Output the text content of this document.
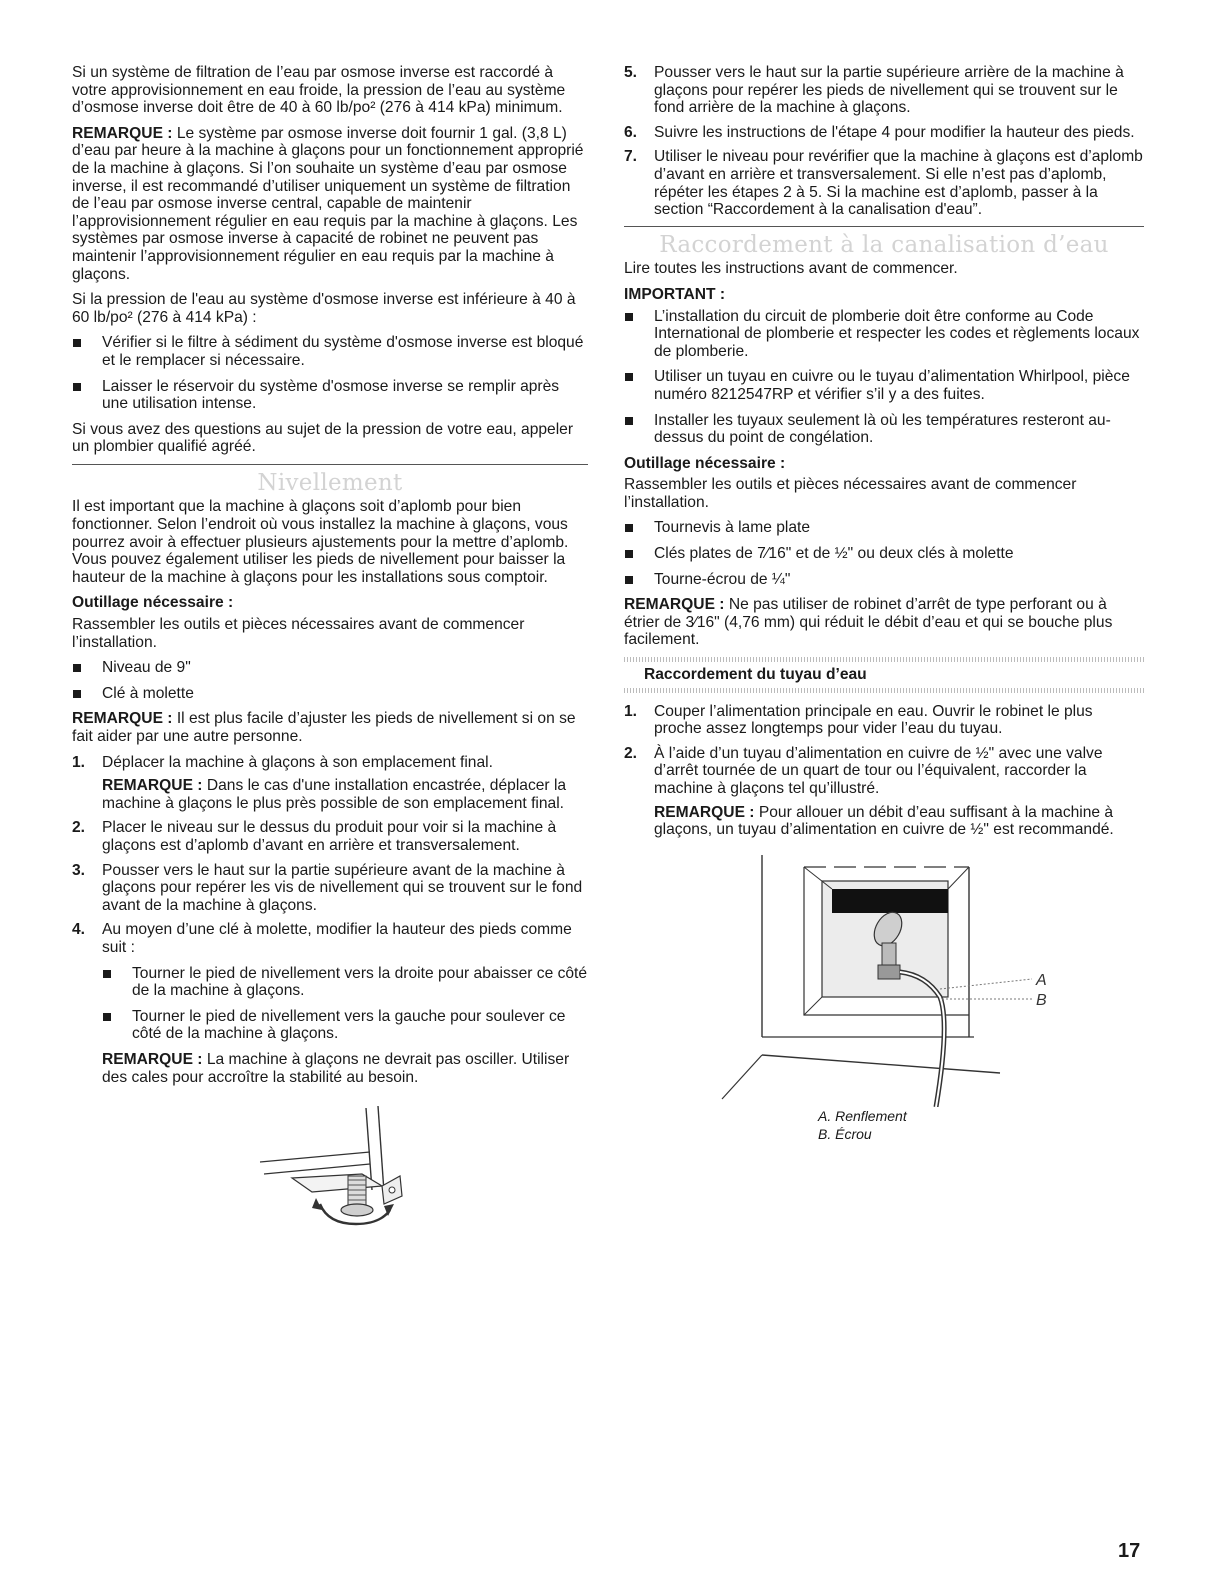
Si un système de filtration de l’eau par osmose inverse est raccordé à votre approvisionnement en eau froide, la pression de l’eau au système d’osmose inverse doit être de 40 à 60 lb/po² (276 à 414 kPa) minimum.

REMARQUE : Le système par osmose inverse doit fournir 1 gal. (3,8 L) d’eau par heure à la machine à glaçons pour un fonctionnement approprié de la machine à glaçons. Si l’on souhaite un système d’eau par osmose inverse, il est recommandé d’utiliser uniquement un système de filtration de l’eau par osmose inverse central, capable de maintenir l’approvisionnement régulier en eau requis par la machine à glaçons. Les systèmes par osmose inverse à capacité de robinet ne peuvent pas maintenir l’approvisionnement régulier en eau requis par la machine à glaçons.

Si la pression de l'eau au système d'osmose inverse est inférieure à 40 à 60 lb/po² (276 à 414 kPa) :

Vérifier si le filtre à sédiment du système d'osmose inverse est bloqué et le remplacer si nécessaire.
Laisser le réservoir du système d'osmose inverse se remplir après une utilisation intense.

Si vous avez des questions au sujet de la pression de votre eau, appeler un plombier qualifié agréé.

Nivellement

Il est important que la machine à glaçons soit d’aplomb pour bien fonctionner. Selon l’endroit où vous installez la machine à glaçons, vous pourrez avoir à effectuer plusieurs ajustements pour la mettre d’aplomb. Vous pouvez également utiliser les pieds de nivellement pour baisser la hauteur de la machine à glaçons pour les installations sous comptoir.

Outillage nécessaire :

Rassembler les outils et pièces nécessaires avant de commencer l’installation.

Niveau de 9"
Clé à molette

REMARQUE : Il est plus facile d’ajuster les pieds de nivellement si on se fait aider par une autre personne.

1.	Déplacer la machine à glaçons à son emplacement final.
REMARQUE : Dans le cas d'une installation encastrée, déplacer la machine à glaçons le plus près possible de son emplacement final.
2.	Placer le niveau sur le dessus du produit pour voir si la machine à glaçons est d’aplomb d’avant en arrière et transversalement.
3.	Pousser vers le haut sur la partie supérieure avant de la machine à glaçons pour repérer les vis de nivellement qui se trouvent sur le fond avant de la machine à glaçons.
4.	Au moyen d’une clé à molette, modifier la hauteur des pieds comme suit :
Tourner le pied de nivellement vers la droite pour abaisser ce côté de la machine à glaçons.
Tourner le pied de nivellement vers la gauche pour soulever ce côté de la machine à glaçons.
REMARQUE : La machine à glaçons ne devrait pas osciller. Utiliser des cales pour accroître la stabilité au besoin.
5.	Pousser vers le haut sur la partie supérieure arrière de la machine à glaçons pour repérer les pieds de nivellement qui se trouvent sur le fond arrière de la machine à glaçons.
6.	Suivre les instructions de l'étape 4 pour modifier la hauteur des pieds.
7.	Utiliser le niveau pour revérifier que la machine à glaçons est d’aplomb d’avant en arrière et transversalement. Si elle n’est pas d’aplomb, répéter les étapes 2 à 5. Si la machine est d’aplomb, passer à la section “Raccordement à la canalisation d'eau”.
Raccordement à la canalisation d’eau

Lire toutes les instructions avant de commencer.

IMPORTANT :
L’installation du circuit de plomberie doit être conforme au Code International de plomberie et respecter les codes et règlements locaux de plomberie.
Utiliser un tuyau en cuivre ou le tuyau d’alimentation Whirlpool, pièce numéro 8212547RP et vérifier s’il y a des fuites.
Installer les tuyaux seulement là où les températures resteront au-dessus du point de congélation.
Outillage nécessaire :

Rassembler les outils et pièces nécessaires avant de commencer l’installation.

Tournevis à lame plate
Clés plates de 7⁄16" et de ½" ou deux clés à molette
Tourne-écrou de ¼"

REMARQUE : Ne pas utiliser de robinet d’arrêt de type perforant ou à étrier de 3⁄16" (4,76 mm) qui réduit le débit d’eau et qui se bouche plus facilement.

Raccordement du tuyau d’eau
1.	Couper l’alimentation principale en eau. Ouvrir le robinet le plus proche assez longtemps pour vider l’eau du tuyau.
2.	À l’aide d’un tuyau d’alimentation en cuivre de ½" avec une valve d’arrêt tournée de un quart de tour ou l’équivalent, raccorder la machine à glaçons tel qu’illustré.
REMARQUE : Pour allouer un débit d’eau suffisant à la machine à glaçons, un tuyau d’alimentation en cuivre de ½" est recommandé.
A
B
A. Renflement
B. Écrou
17
